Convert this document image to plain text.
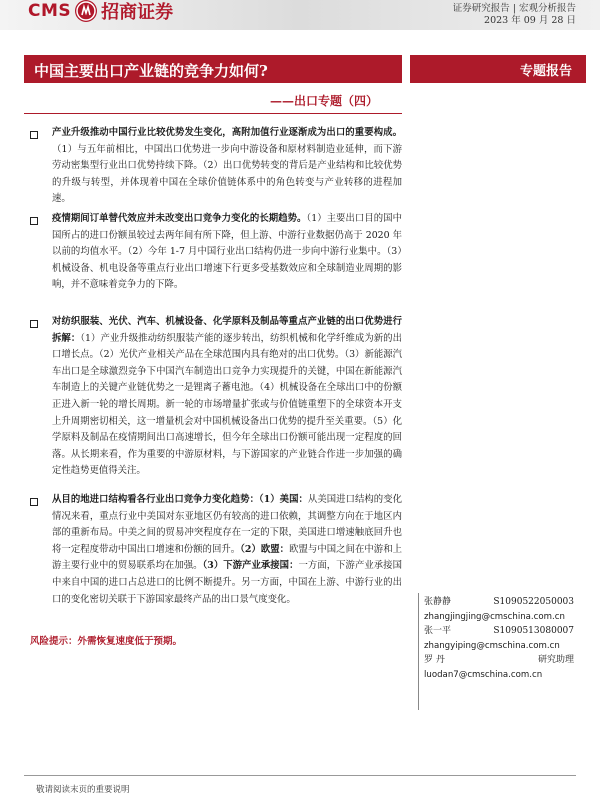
CMS 招商证券	证券研究报告 | 宏观分析报告
2023 年 09 月 28 日
中国主要出口产业链的竞争力如何?	专题报告
——出口专题（四）
产业升级推动中国行业比较优势发生变化，高附加值行业逐渐成为出口的重要构成。（1）与五年前相比，中国出口优势进一步向中游设备和原材料制造业延伸，而下游劳动密集型行业出口优势持续下降。（2）出口优势转变的背后是产业结构和比较优势的升级与转型，并体现着中国在全球价值链体系中的角色转变与产业转移的进程加速。
疫情期间订单替代效应并未改变出口竞争力变化的长期趋势。（1）主要出口目的国中国所占的进口份额虽较过去两年间有所下降，但上游、中游行业数据仍高于 2020 年以前的均值水平。（2）今年 1-7 月中国行业出口结构仍进一步向中游行业集中。（3）机械设备、机电设备等重点行业出口增速下行更多受基数效应和全球制造业周期的影响，并不意味着竞争力的下降。
对纺织服装、光伏、汽车、机械设备、化学原料及制品等重点产业链的出口优势进行拆解：（1）产业升级推动纺织服装产能的逐步转出，纺织机械和化学纤维成为新的出口增长点。（2）光伏产业相关产品在全球范围内具有绝对的出口优势。（3）新能源汽车出口是全球激烈竞争下中国汽车制造出口竞争力实现提升的关键，中国在新能源汽车制造上的关键产业链优势之一是锂离子蓄电池。（4）机械设备在全球出口中的份额正进入新一轮的增长周期。新一轮的市场增量扩张或与价值链重塑下的全球资本开支上升周期密切相关，这一增量机会对中国机械设备出口优势的提升至关重要。（5）化学原料及制品在疫情期间出口高速增长，但今年全球出口份额可能出现一定程度的回落。从长期来看，作为重要的中游原材料，与下游国家的产业链合作进一步加强的确定性趋势更值得关注。
从目的地进口结构看各行业出口竞争力变化趋势：（1）美国：从美国进口结构的变化情况来看，重点行业中美国对东亚地区仍有较高的进口依赖，其调整方向在于地区内部的重新布局。中美之间的贸易冲突程度存在一定的下限，美国进口增速触底回升也将一定程度带动中国出口增速和份额的回升。（2）欧盟：欧盟与中国之间在中游和上游主要行业中的贸易联系均在加强。（3）下游产业承接国：一方面，下游产业承接国中来自中国的进口占总进口的比例不断提升。另一方面，中国在上游、中游行业的出口的变化密切关联于下游国家最终产品的出口景气度变化。
风险提示：外需恢复速度低于预期。
张静静	S1090522050003
zhangjingjing@cmschina.com.cn
张一平	S1090513080007
zhangyiping@cmschina.com.cn
罗 丹	研究助理
luodan7@cmschina.com.cn
敬请阅读末页的重要说明
